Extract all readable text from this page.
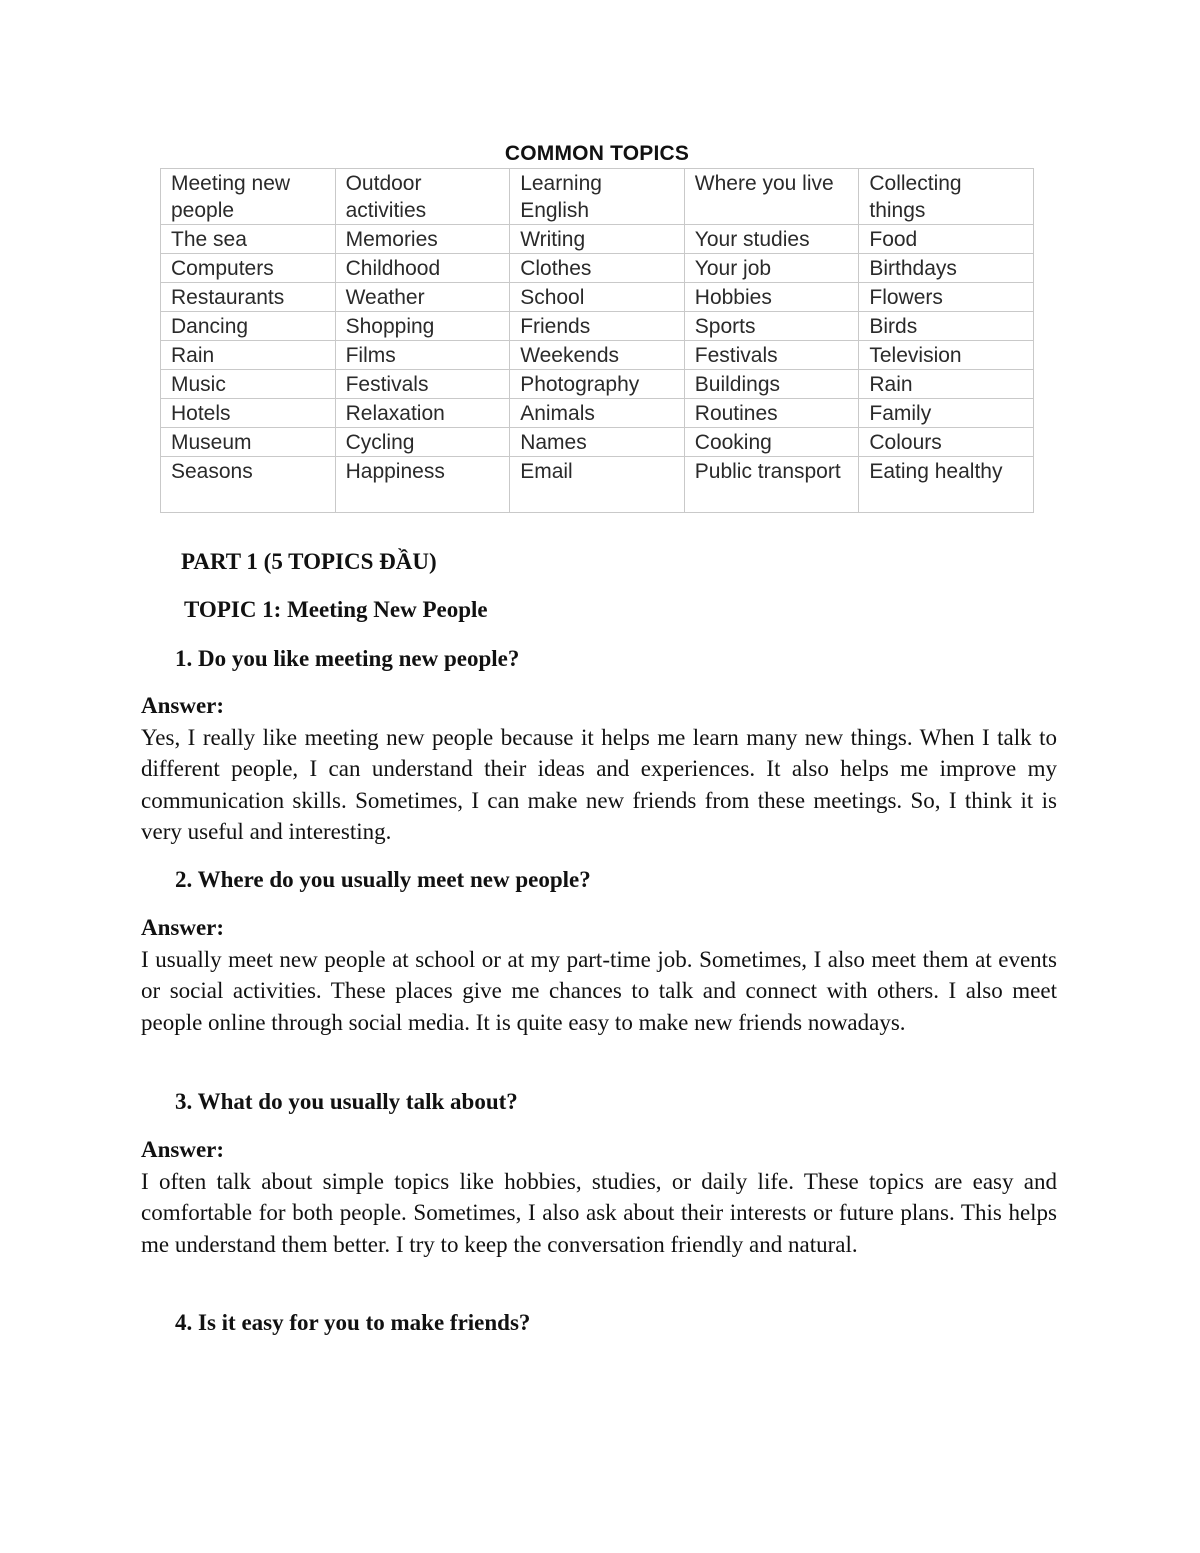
COMMON TOPICS
Meeting new people	Outdoor activities	Learning English	Where you live	Collecting things
The sea	Memories	Writing	Your studies	Food
Computers	Childhood	Clothes	Your job	Birthdays
Restaurants	Weather	School	Hobbies	Flowers
Dancing	Shopping	Friends	Sports	Birds
Rain	Films	Weekends	Festivals	Television
Music	Festivals	Photography	Buildings	Rain
Hotels	Relaxation	Animals	Routines	Family
Museum	Cycling	Names	Cooking	Colours
Seasons	Happiness	Email	Public transport	Eating healthy
PART 1 (5 TOPICS ĐẦU)
TOPIC 1: Meeting New People
1. Do you like meeting new people?
Answer:
Yes, I really like meeting new people because it helps me learn many new things. When I talk to different people, I can understand their ideas and experiences. It also helps me improve my communication skills. Sometimes, I can make new friends from these meetings. So, I think it is very useful and interesting.
2. Where do you usually meet new people?
Answer:
I usually meet new people at school or at my part-time job. Sometimes, I also meet them at events or social activities. These places give me chances to talk and connect with others. I also meet people online through social media. It is quite easy to make new friends nowadays.
3. What do you usually talk about?
Answer:
I often talk about simple topics like hobbies, studies, or daily life. These topics are easy and comfortable for both people. Sometimes, I also ask about their interests or future plans. This helps me understand them better. I try to keep the conversation friendly and natural.
4. Is it easy for you to make friends?
